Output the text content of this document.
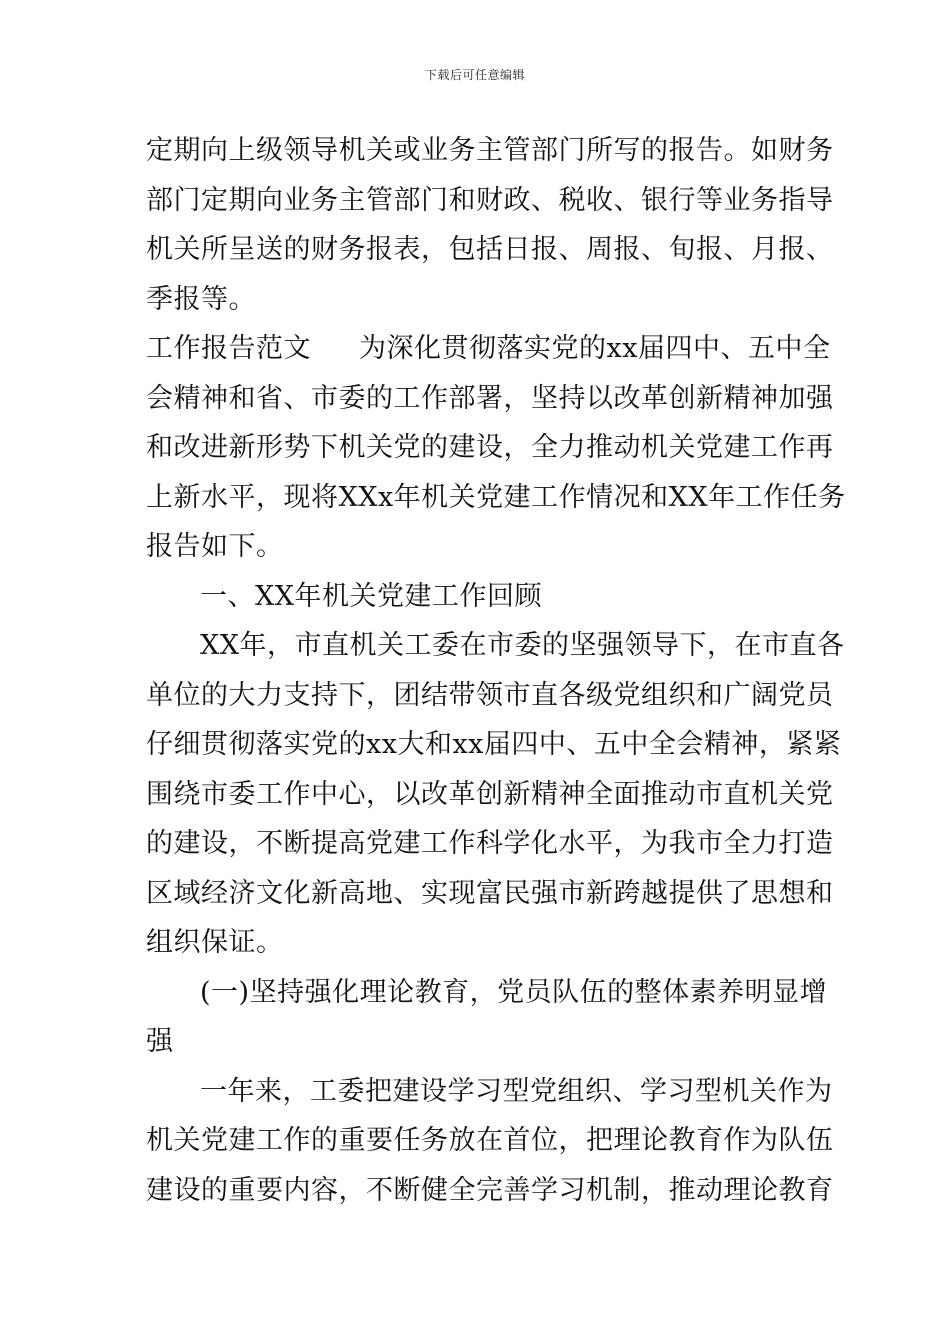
下载后可任意编辑
定期向上级领导机关或业务主管部门所写的报告。如财务
部门定期向业务主管部门和财政、税收、银行等业务指导
机关所呈送的财务报表，包括日报、周报、旬报、月报、
季报等。
工作报告范文 为深化贯彻落实党的xx届四中、五中全
会精神和省、市委的工作部署，坚持以改革创新精神加强
和改进新形势下机关党的建设，全力推动机关党建工作再
上新水平，现将XXx年机关党建工作情况和XX年工作任务
报告如下。
一、XX年机关党建工作回顾
XX年，市直机关工委在市委的坚强领导下，在市直各
单位的大力支持下，团结带领市直各级党组织和广阔党员
仔细贯彻落实党的xx大和xx届四中、五中全会精神，紧紧
围绕市委工作中心，以改革创新精神全面推动市直机关党
的建设，不断提高党建工作科学化水平，为我市全力打造
区域经济文化新高地、实现富民强市新跨越提供了思想和
组织保证。
(一)坚持强化理论教育，党员队伍的整体素养明显增
强
一年来，工委把建设学习型党组织、学习型机关作为
机关党建工作的重要任务放在首位，把理论教育作为队伍
建设的重要内容，不断健全完善学习机制，推动理论教育
